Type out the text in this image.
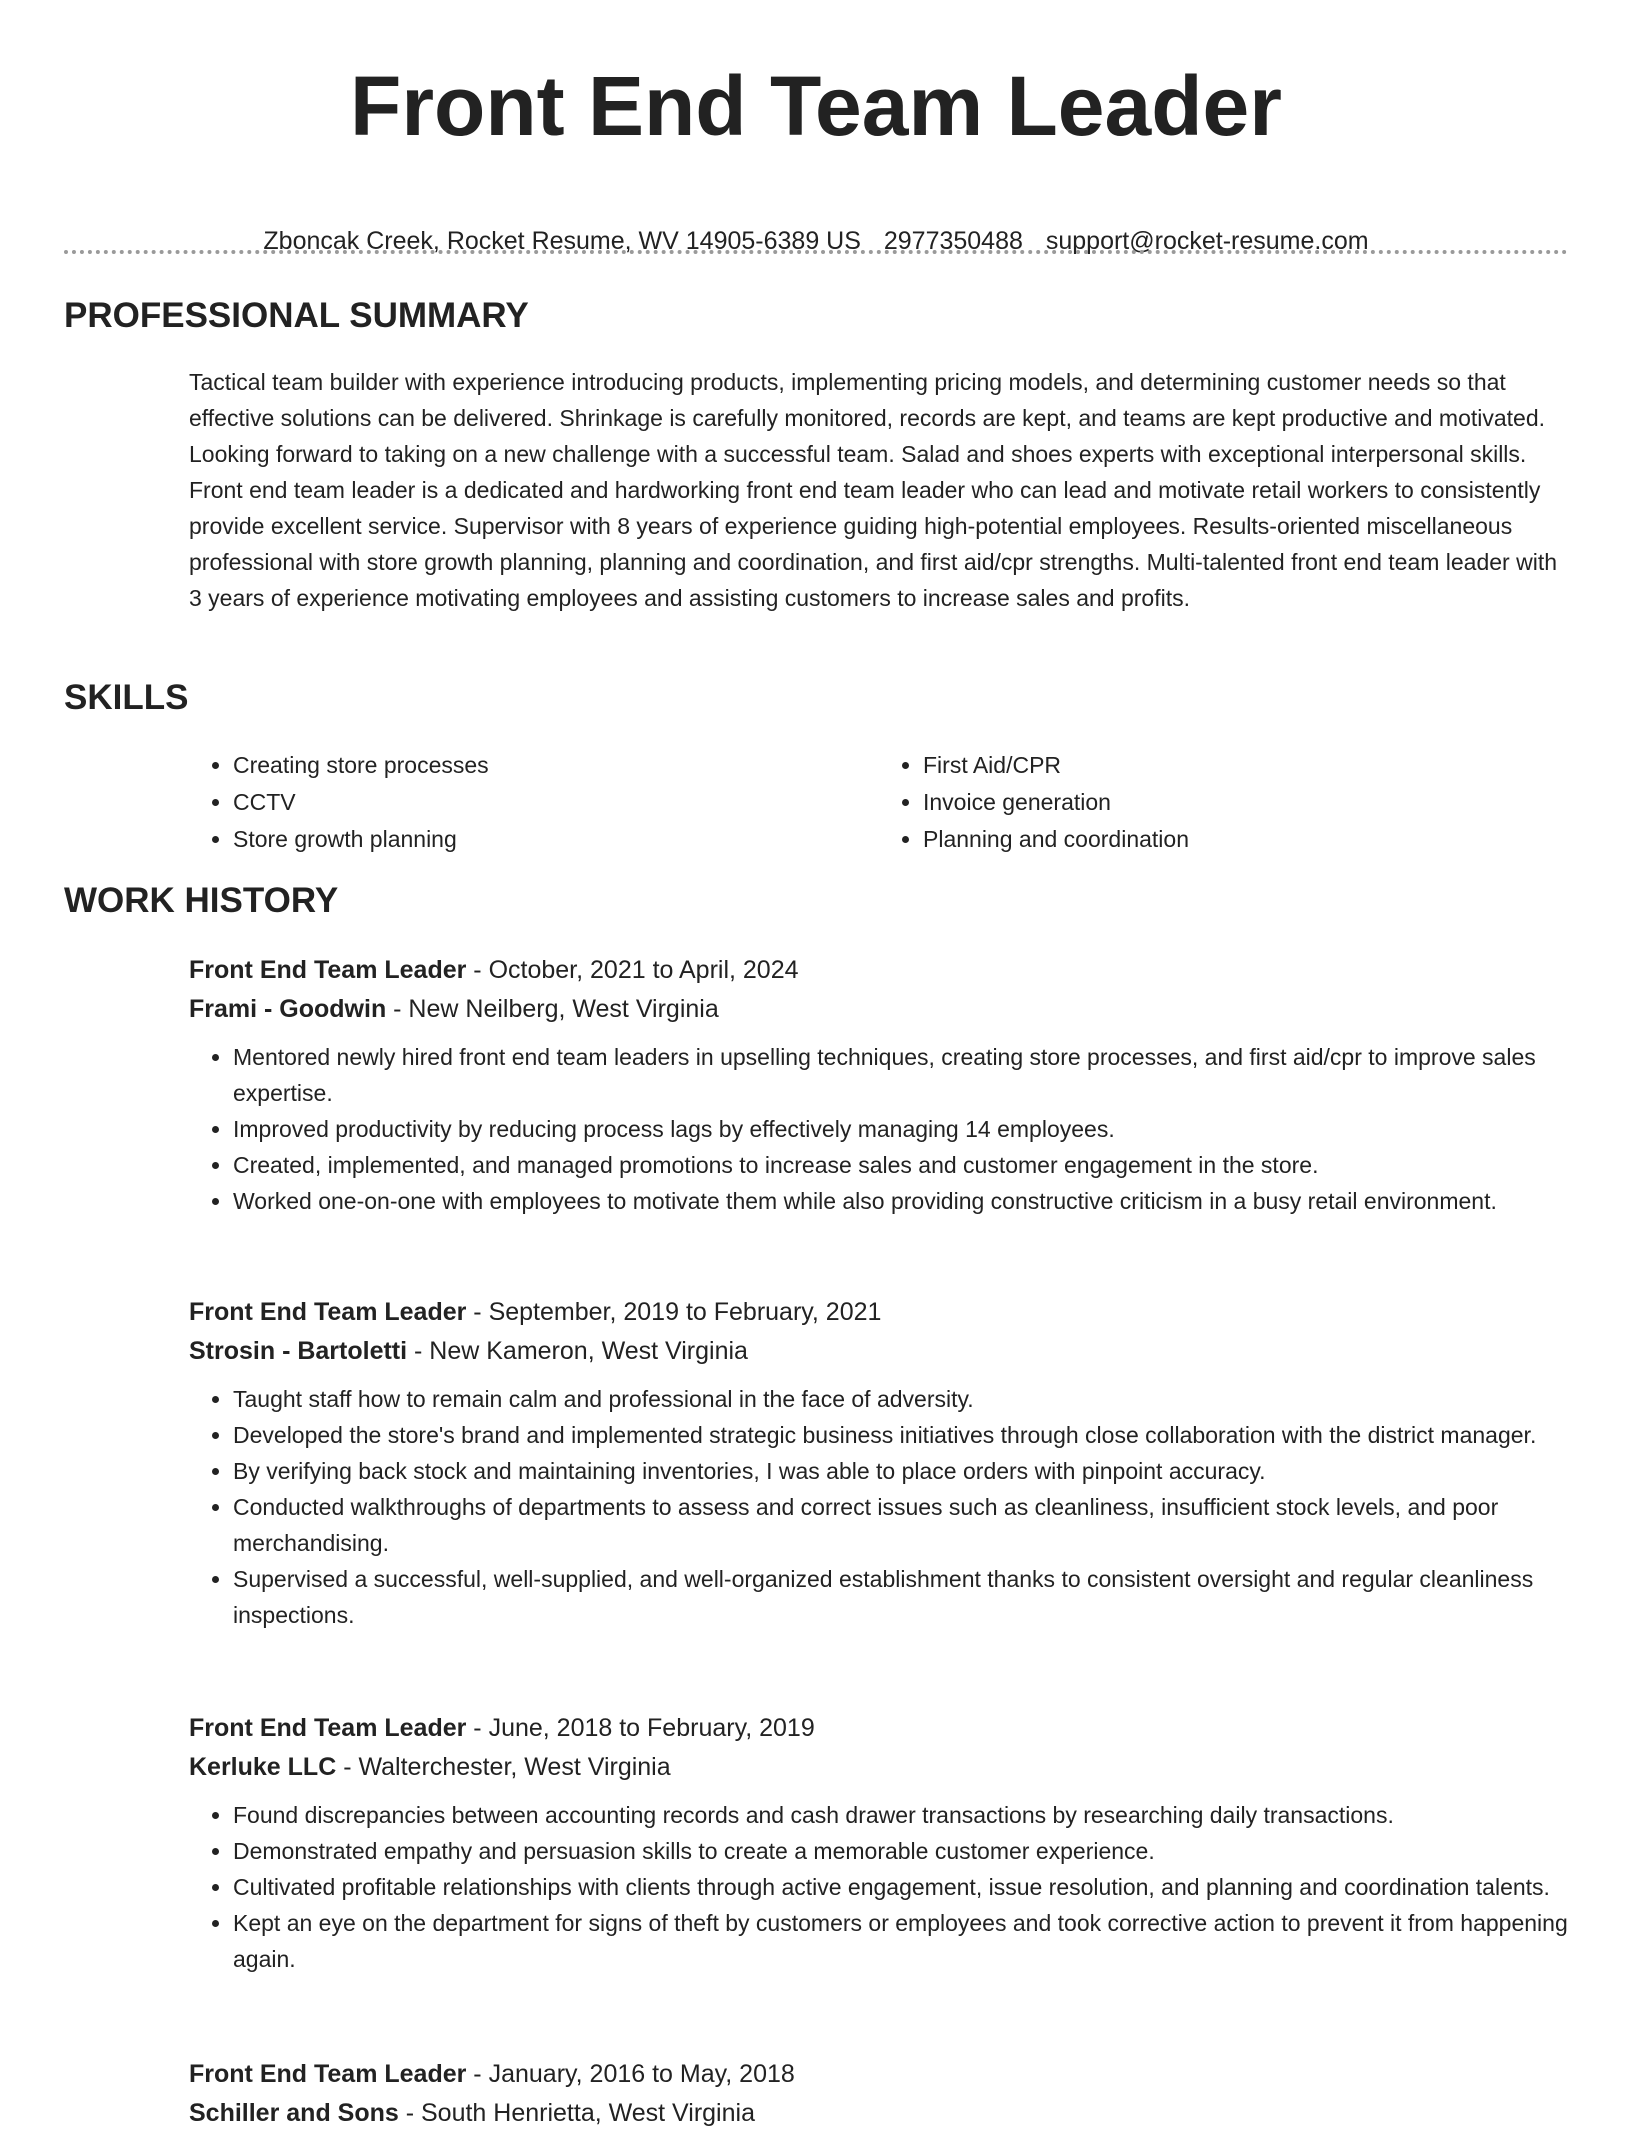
Front End Team Leader
Zboncak Creek, Rocket Resume, WV 14905-6389 US 2977350488 support@rocket-resume.com
PROFESSIONAL SUMMARY

Tactical team builder with experience introducing products, implementing pricing models, and determining customer needs so that effective solutions can be delivered. Shrinkage is carefully monitored, records are kept, and teams are kept productive and motivated. Looking forward to taking on a new challenge with a successful team. Salad and shoes experts with exceptional interpersonal skills. Front end team leader is a dedicated and hardworking front end team leader who can lead and motivate retail workers to consistently provide excellent service. Supervisor with 8 years of experience guiding high-potential employees. Results-oriented miscellaneous professional with store growth planning, planning and coordination, and first aid/cpr strengths. Multi-talented front end team leader with 3 years of experience motivating employees and assisting customers to increase sales and profits.

SKILLS
• Creating store processes
• CCTV
• Store growth planning
• First Aid/CPR
• Invoice generation
• Planning and coordination
WORK HISTORY
Front End Team Leader - October, 2021 to April, 2024
Frami - Goodwin - New Neilberg, West Virginia
• Mentored newly hired front end team leaders in upselling techniques, creating store processes, and first aid/cpr to improve sales expertise.
• Improved productivity by reducing process lags by effectively managing 14 employees.
• Created, implemented, and managed promotions to increase sales and customer engagement in the store.
• Worked one-on-one with employees to motivate them while also providing constructive criticism in a busy retail environment.
Front End Team Leader - September, 2019 to February, 2021
Strosin - Bartoletti - New Kameron, West Virginia
• Taught staff how to remain calm and professional in the face of adversity.
• Developed the store's brand and implemented strategic business initiatives through close collaboration with the district manager.
• By verifying back stock and maintaining inventories, I was able to place orders with pinpoint accuracy.
• Conducted walkthroughs of departments to assess and correct issues such as cleanliness, insufficient stock levels, and poor merchandising.
• Supervised a successful, well-supplied, and well-organized establishment thanks to consistent oversight and regular cleanliness inspections.
Front End Team Leader - June, 2018 to February, 2019
Kerluke LLC - Walterchester, West Virginia
• Found discrepancies between accounting records and cash drawer transactions by researching daily transactions.
• Demonstrated empathy and persuasion skills to create a memorable customer experience.
• Cultivated profitable relationships with clients through active engagement, issue resolution, and planning and coordination talents.
• Kept an eye on the department for signs of theft by customers or employees and took corrective action to prevent it from happening again.
Front End Team Leader - January, 2016 to May, 2018
Schiller and Sons - South Henrietta, West Virginia
